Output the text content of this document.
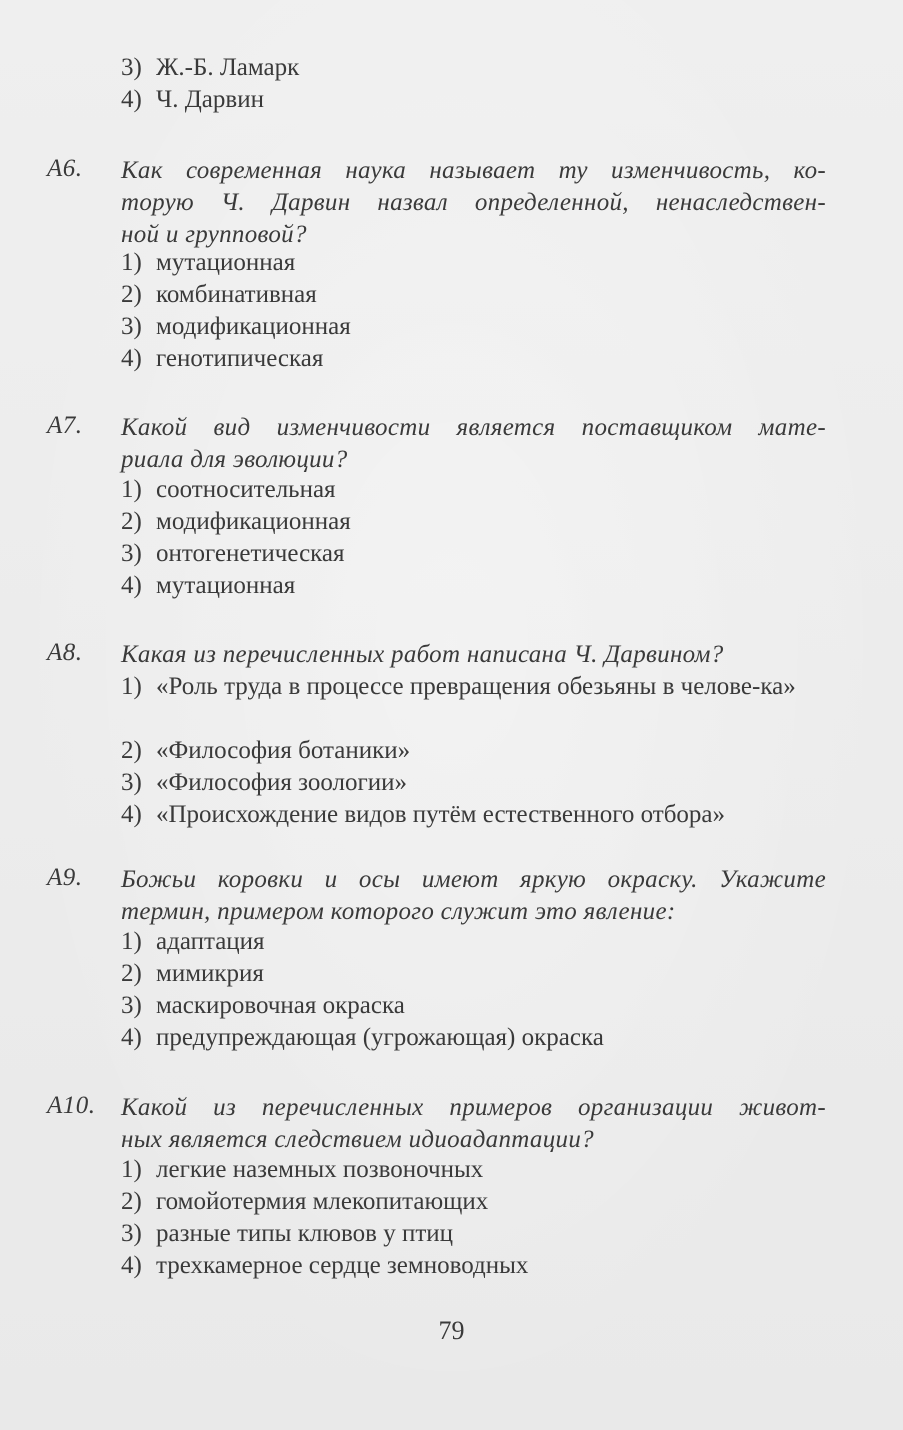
3) Ж.-Б. Ламарк
4) Ч. Дарвин
A6. Как современная наука называет ту изменчивость, ко-
торую Ч. Дарвин назвал определенной, ненаследствен-
ной и групповой?
1) мутационная
2) комбинативная
3) модификационная
4) генотипическая
A7. Какой вид изменчивости является поставщиком мате-
риала для эволюции?
1) соотносительная
2) модификационная
3) онтогенетическая
4) мутационная
A8. Какая из перечисленных работ написана Ч. Дарвином?
1) «Роль труда в процессе превращения обезьяны в челове-ка»
2) «Философия ботаники»
3) «Философия зоологии»
4) «Происхождение видов путём естественного отбора»
A9. Божьи коровки и осы имеют яркую окраску. Укажите
термин, примером которого служит это явление:
1) адаптация
2) мимикрия
3) маскировочная окраска
4) предупреждающая (угрожающая) окраска
A10. Какой из перечисленных примеров организации живот-
ных является следствием идиоадаптации?
1) легкие наземных позвоночных
2) гомойотермия млекопитающих
3) разные типы клювов у птиц
4) трехкамерное сердце земноводных
79
